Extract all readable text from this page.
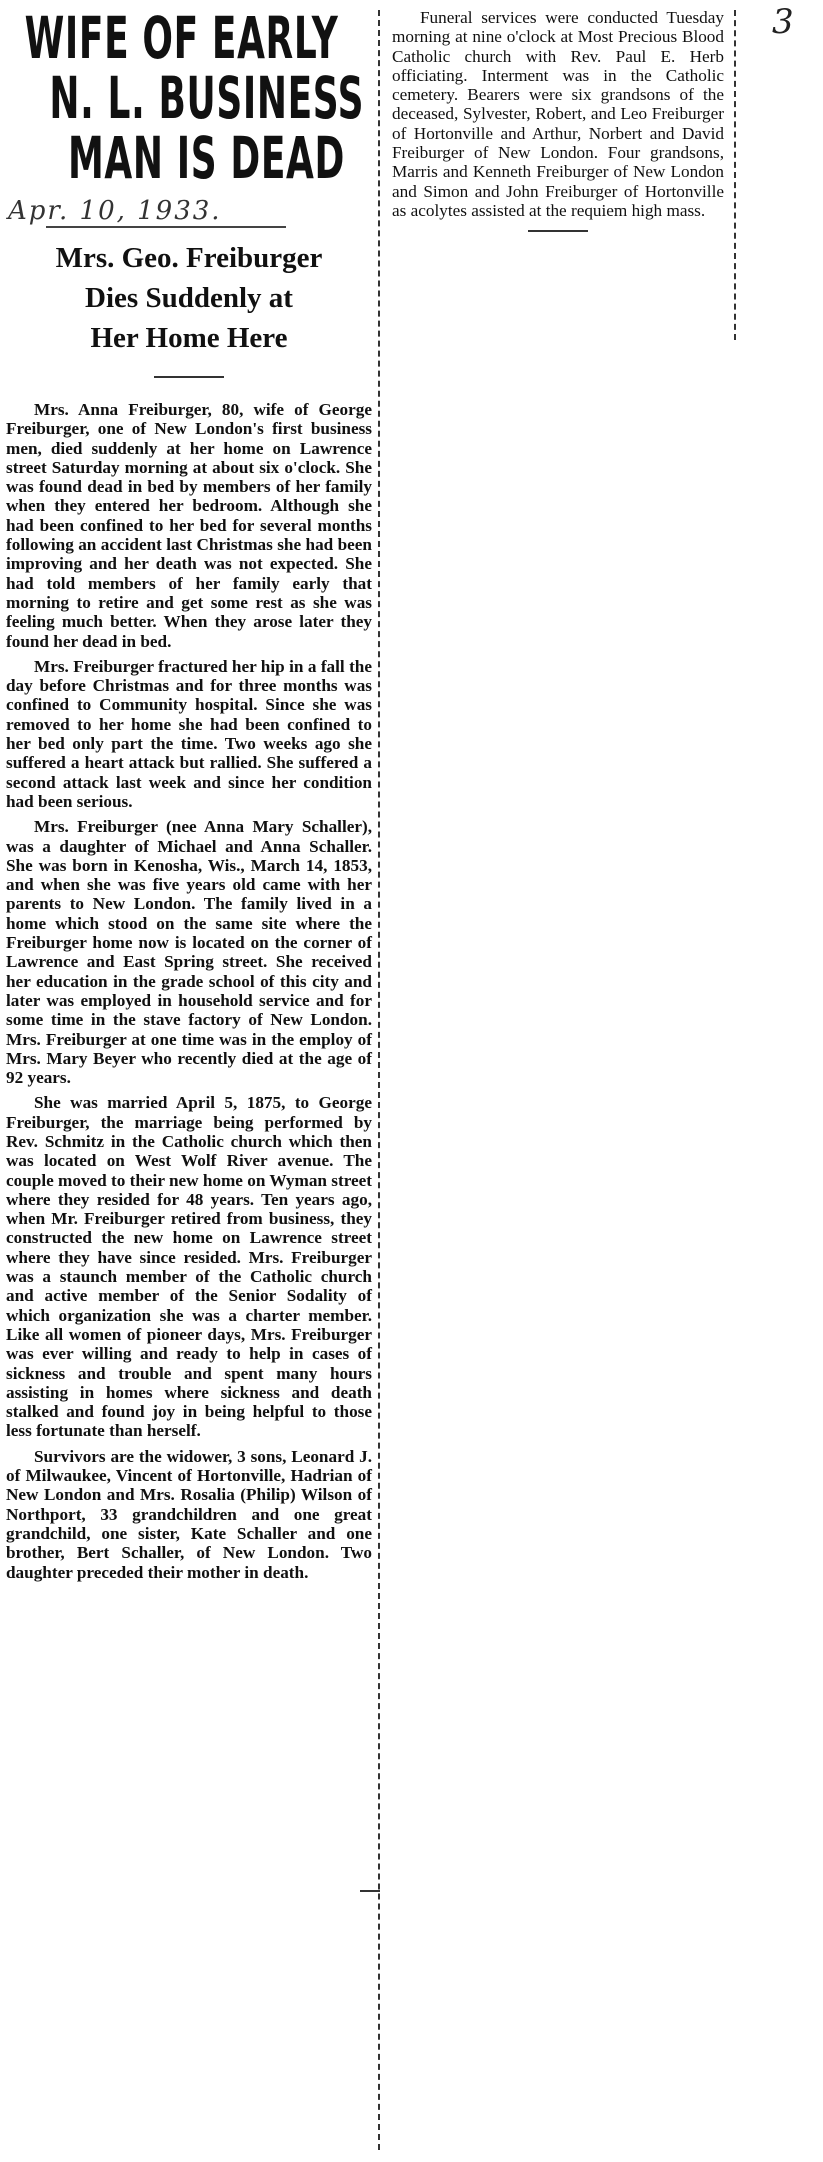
3
WIFE OF EARLY
N. L. BUSINESS
MAN IS DEAD
Apr. 10, 1933.
Mrs. Geo. Freiburger
Dies Suddenly at
Her Home Here

Mrs. Anna Freiburger, 80, wife of George Freiburger, one of New London's first business men, died suddenly at her home on Lawrence street Saturday morning at about six o'clock. She was found dead in bed by members of her family when they entered her bedroom. Although she had been confined to her bed for several months following an accident last Christmas she had been improving and her death was not expected. She had told members of her family early that morning to retire and get some rest as she was feeling much better. When they arose later they found her dead in bed.

Mrs. Freiburger fractured her hip in a fall the day before Christmas and for three months was confined to Community hospital. Since she was removed to her home she had been confined to her bed only part the time. Two weeks ago she suffered a heart attack but rallied. She suffered a second attack last week and since her condition had been serious.

Mrs. Freiburger (nee Anna Mary Schaller), was a daughter of Michael and Anna Schaller. She was born in Kenosha, Wis., March 14, 1853, and when she was five years old came with her parents to New London. The family lived in a home which stood on the same site where the Freiburger home now is located on the corner of Lawrence and East Spring street. She received her education in the grade school of this city and later was employed in household service and for some time in the stave factory of New London. Mrs. Freiburger at one time was in the employ of Mrs. Mary Beyer who recently died at the age of 92 years.

She was married April 5, 1875, to George Freiburger, the marriage being performed by Rev. Schmitz in the Catholic church which then was located on West Wolf River avenue. The couple moved to their new home on Wyman street where they resided for 48 years. Ten years ago, when Mr. Freiburger retired from business, they constructed the new home on Lawrence street where they have since resided. Mrs. Freiburger was a staunch member of the Catholic church and active member of the Senior Sodality of which organization she was a charter member. Like all women of pioneer days, Mrs. Freiburger was ever willing and ready to help in cases of sickness and trouble and spent many hours assisting in homes where sickness and death stalked and found joy in being helpful to those less fortunate than herself.

Survivors are the widower, 3 sons, Leonard J. of Milwaukee, Vincent of Hortonville, Hadrian of New London and Mrs. Rosalia (Philip) Wilson of Northport, 33 grandchildren and one great grandchild, one sister, Kate Schaller and one brother, Bert Schaller, of New London. Two daughter preceded their mother in death.

Funeral services were conducted Tuesday morning at nine o'clock at Most Precious Blood Catholic church with Rev. Paul E. Herb officiating. Interment was in the Catholic cemetery. Bearers were six grandsons of the deceased, Sylvester, Robert, and Leo Freiburger of Hortonville and Arthur, Norbert and David Freiburger of New London. Four grandsons, Marris and Kenneth Freiburger of New London and Simon and John Freiburger of Hortonville as acolytes assisted at the requiem high mass.
